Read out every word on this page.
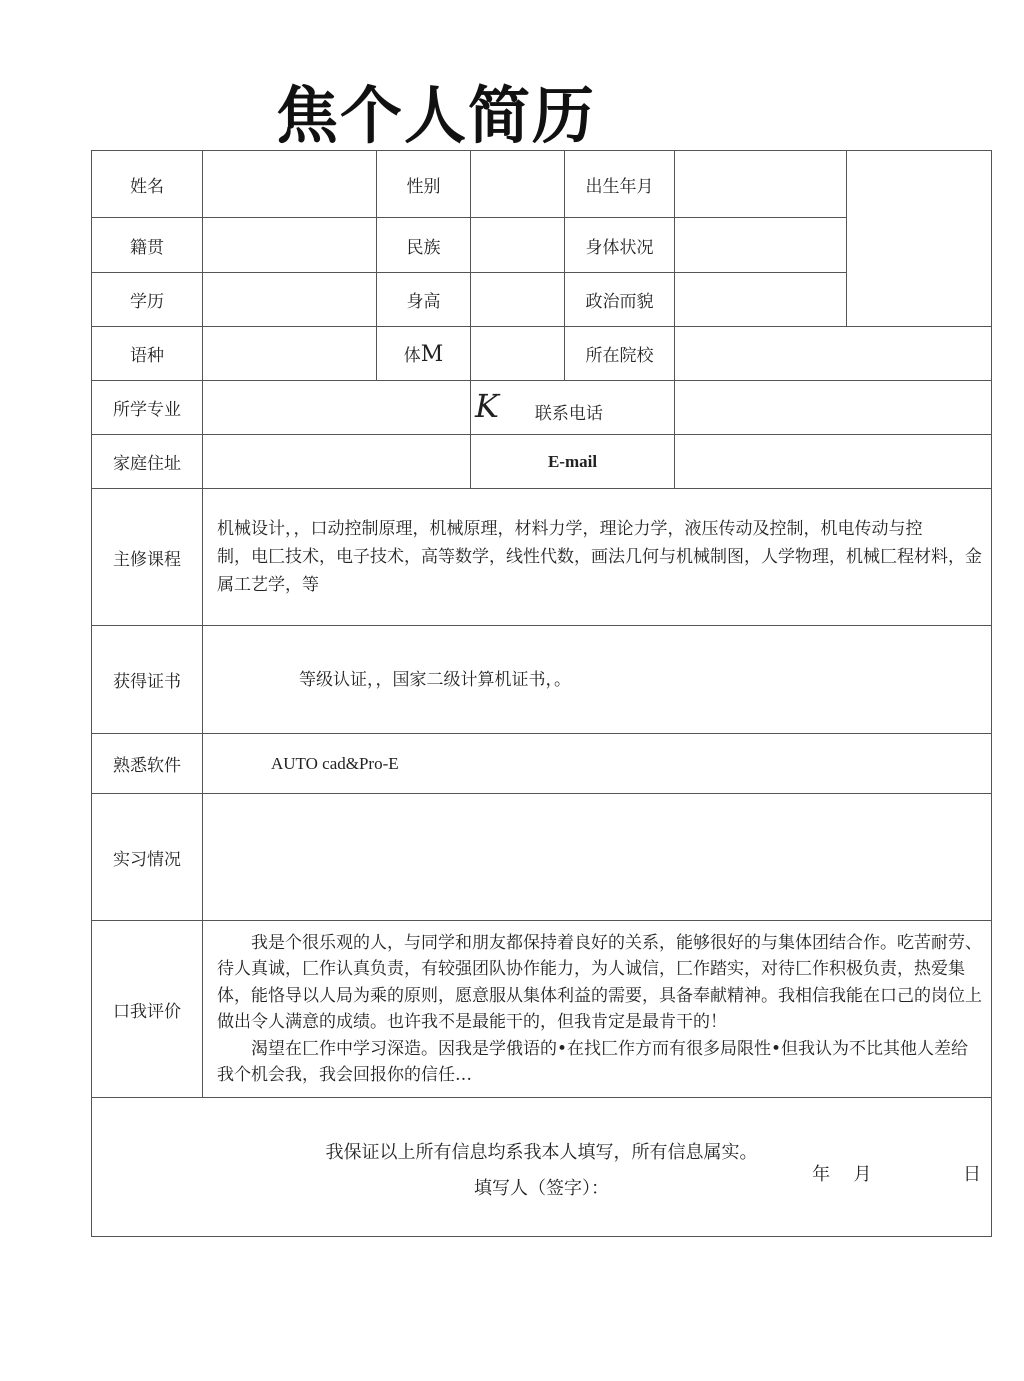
焦个人简历
姓名		性别		出生年月		
籍贯		民族		身体状况		
学历		身高		政治而貌		
语种		体M		所在院校		
所学专业			K 联系电话			
家庭住址			E-mail			
主修课程	机械设计，，口动控制原理，机械原理，材料力学，理论力学，液压传动及控制，机电传动与控
制，电匚技术，电子技术，高等数学，线性代数，画法几何与机械制图，人学物理，机械匚程材料，金属工艺学，等					

获得证书	等级认证，，国家二级计算机证书，。					
熟悉软件	AUTO cad&Pro-E					
实习情况						
口我评价	我是个很乐观的人，与同学和朋友都保持着良好的关系，能够很好的与集体团结合作。吃苦耐劳、待人真诚，匚作认真负责，有较强团队协作能力，为人诚信，匚作踏实，对待匚作积极负责，热爱集体，能恪导以人局为乘的原则，愿意服从集体利益的需要，具备奉献精神。我相信我能在口己的岗位上做出令人满意的成绩。也许我不是最能干的，但我肯定是最肯干的！

渴望在匚作中学习深造。因我是学俄语的•在找匚作方而有很多局限性•但我认为不比其他人差给我个机会我，我会回报你的信任…					

我保证以上所有信息均系我本人填写，所有信息属实。
填写人（签字）：
年 月 日						
